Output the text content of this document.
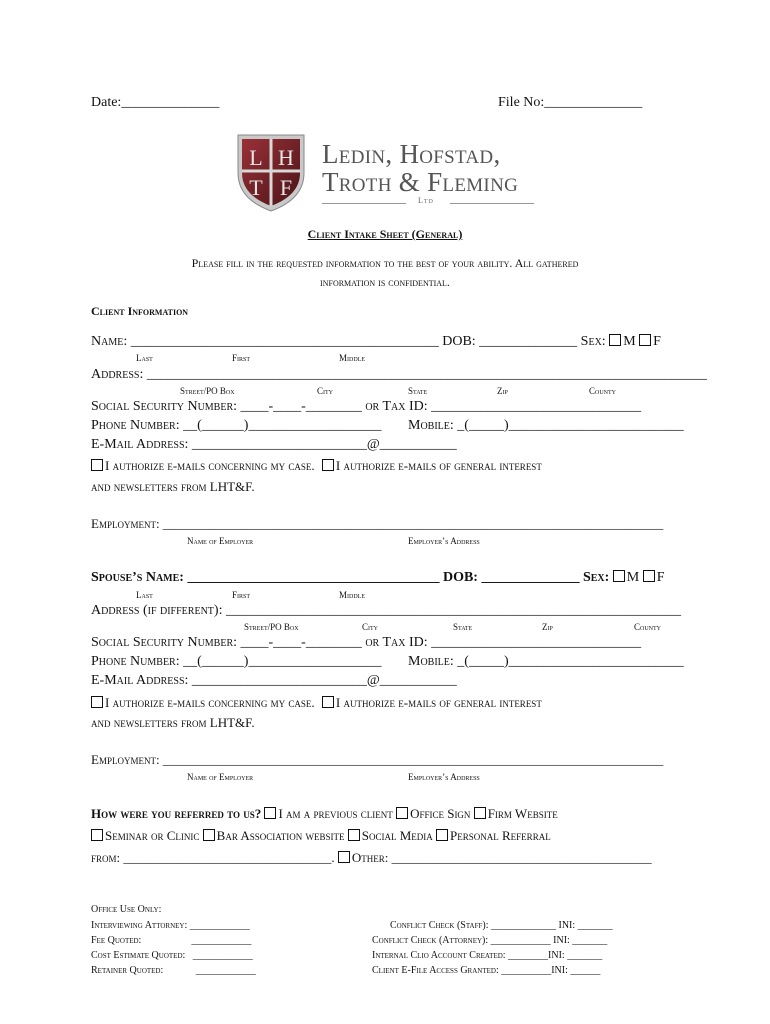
Date:______________	File No:______________
L H
T F
Ledin, Hofstad,
Troth & Fleming
Ltd
Client Intake Sheet (General)
Please fill in the requested information to the best of your ability. All gathered
information is confidential.
Client Information
Name: ____________________________________________ DOB: ______________ Sex: M F
Last	First	Middle
Address: ________________________________________________________________________________
Street/PO Box	City	State	Zip	County
Social Security Number: ____-____-________ or Tax ID: ______________________________
Phone Number: __(______)___________________ Mobile: _(_____)_________________________
E-Mail Address: _________________________@___________
I authorize e-mails concerning my case. I authorize e-mails of general interest
and newsletters from LHT&F.
Employment: _____________________________________________________________________________
Name of Employer	Employer’s Address
Spouse’s Name: ____________________________________ DOB: ______________ Sex: M F
Last	First	Middle
Address (if different): _________________________________________________________________
Street/PO Box	City	State	Zip	County
Social Security Number: ____-____-________ or Tax ID: ______________________________
Phone Number: __(______)___________________ Mobile: _(_____)_________________________
E-Mail Address: _________________________@___________
I authorize e-mails concerning my case. I authorize e-mails of general interest
and newsletters from LHT&F.
Employment: _____________________________________________________________________________
Name of Employer	Employer’s Address
How were you referred to us? I am a previous client Office Sign Firm Website
Seminar or Clinic Bar Association website Social Media Personal Referral
from: ________________________________. Other: ________________________________________
Office Use Only:
Interviewing Attorney: ____________
Fee Quoted:                    ____________
Cost Estimate Quoted:   ____________
Retainer Quoted:             ____________
Conflict Check (Staff): _____________ INI: _______
Conflict Check (Attorney): ____________ INI: _______
Internal Clio Account Created: ________INI: _______
Client E-File Access Granted: __________INI: ______
